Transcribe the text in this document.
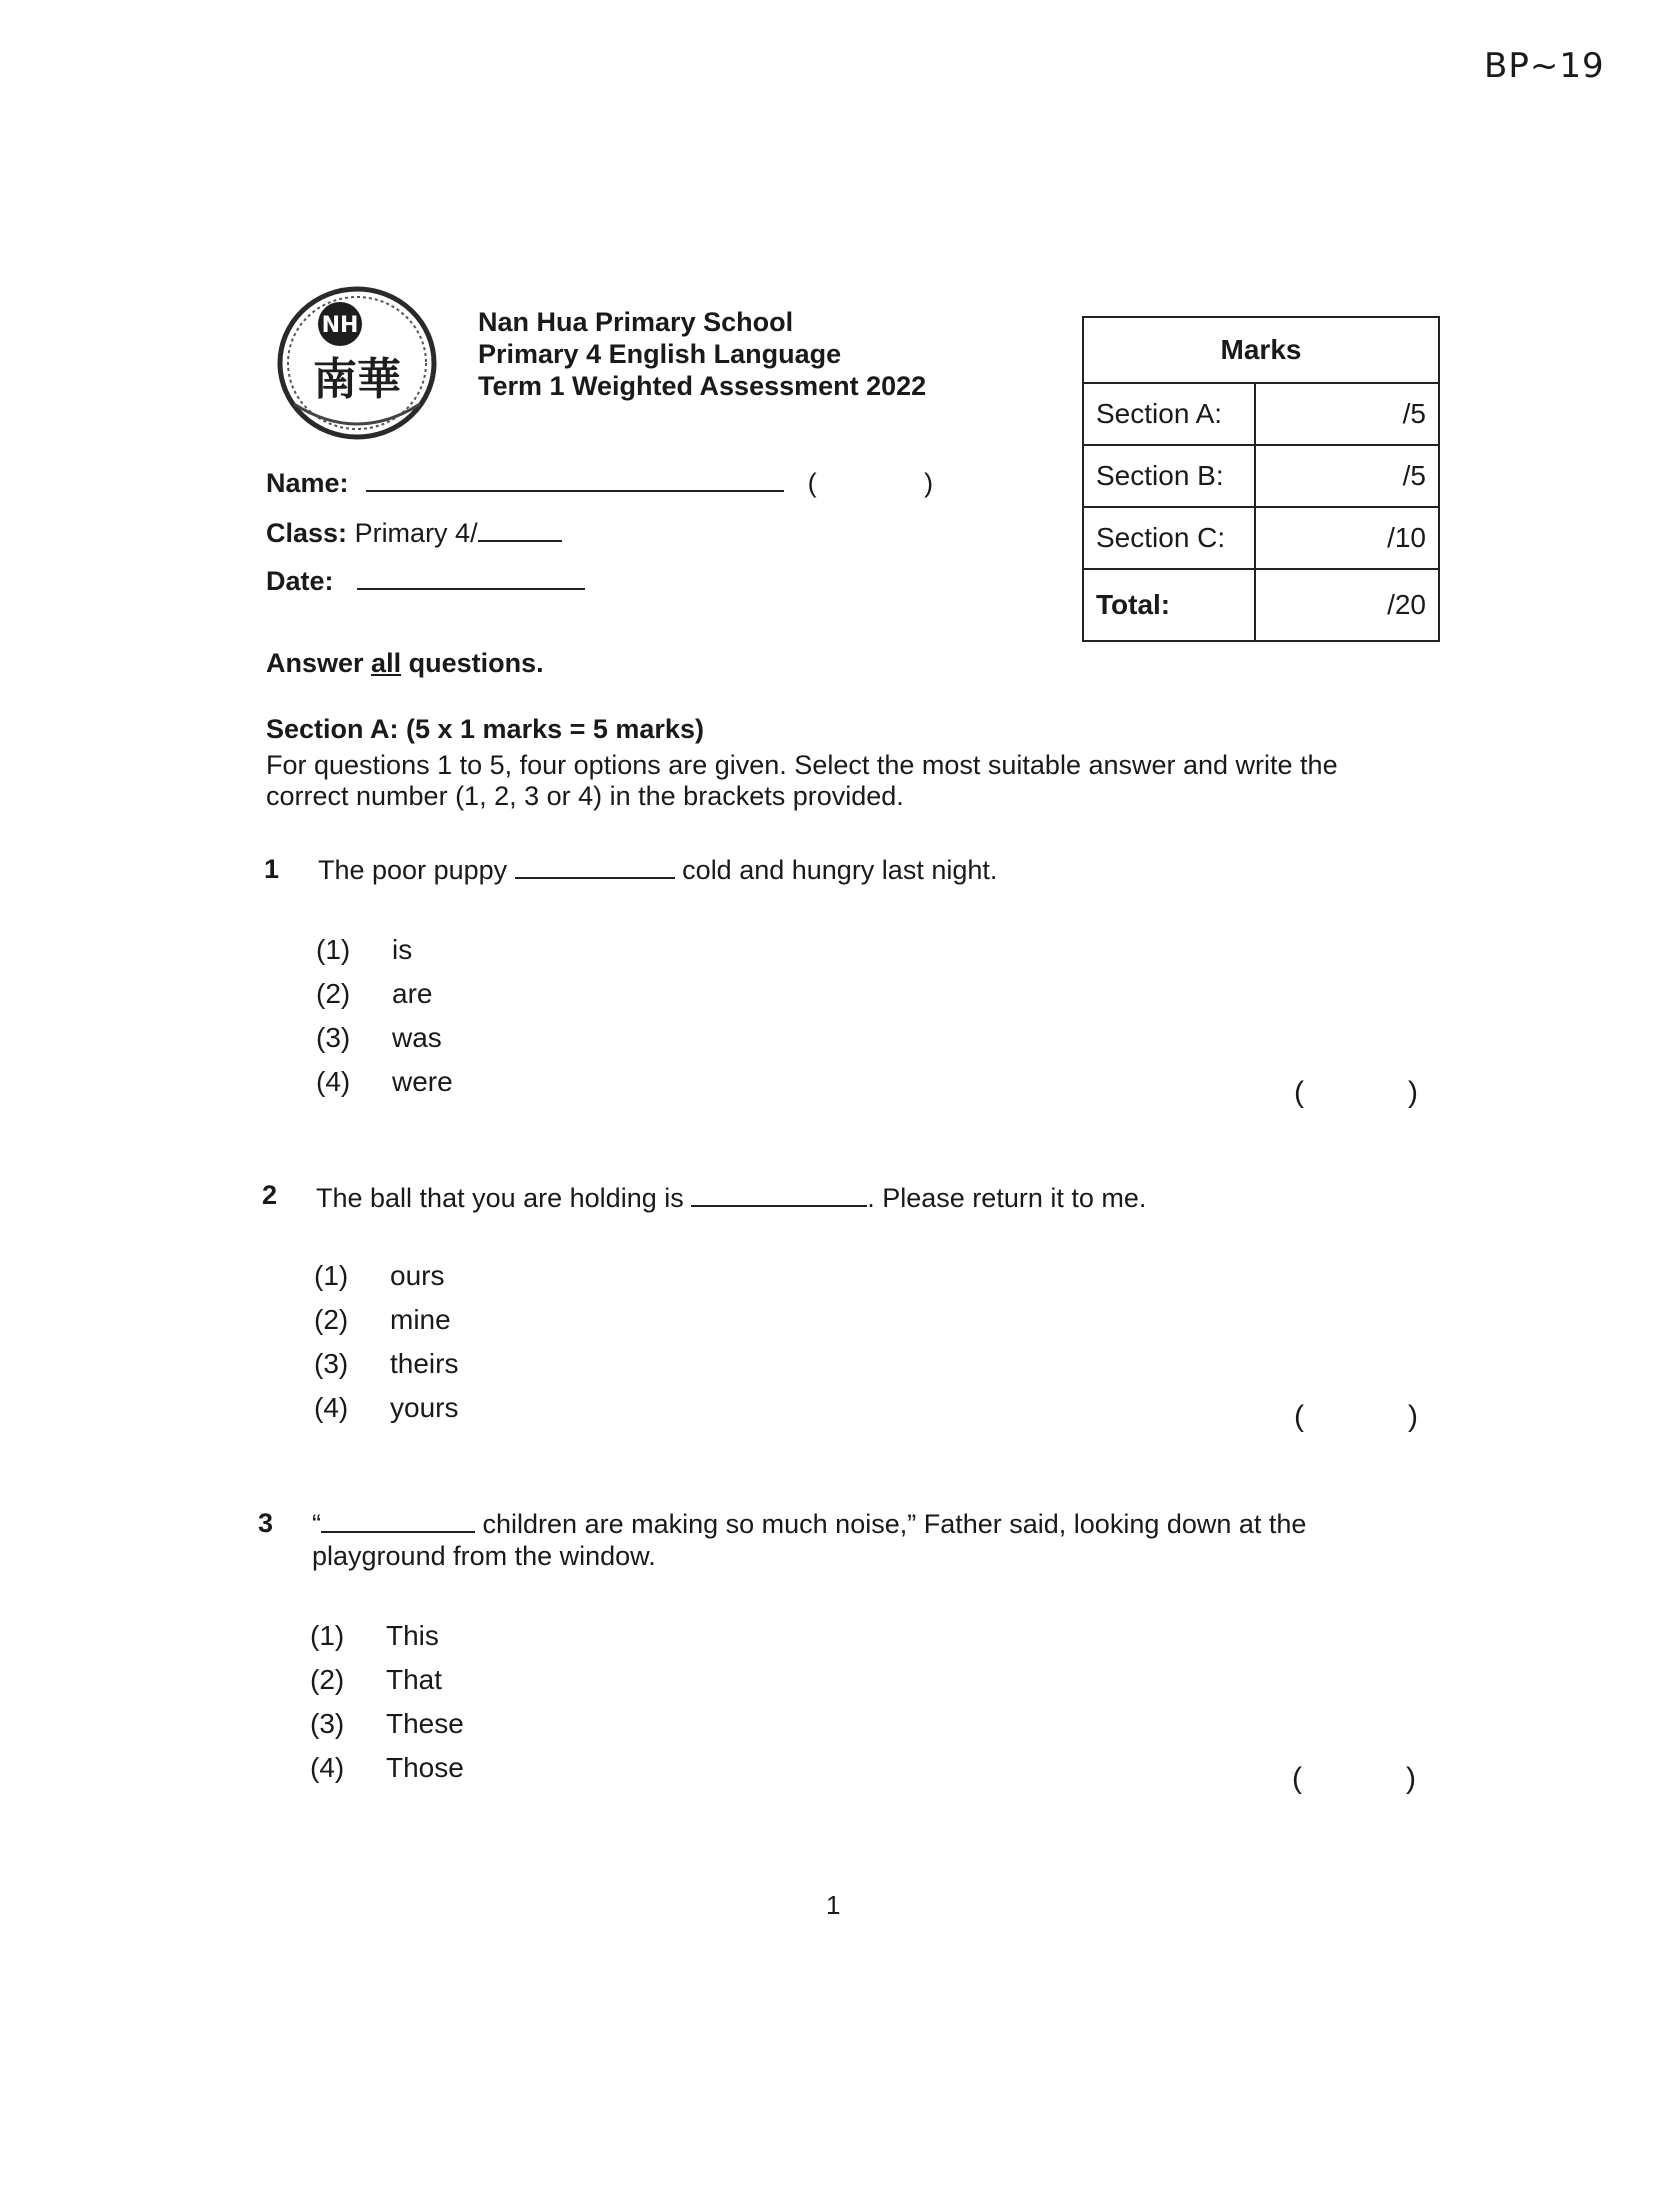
BP~19
NH
南華
Nan Hua Primary School
Primary 4 English Language
Term 1 Weighted Assessment 2022
Marks	
Section A:	/5
Section B:	/5
Section C:	/10
Total:	/20
Name:	(	)
Class: Primary 4/
Date:
Answer all questions.
Section A: (5 x 1 marks = 5 marks)
For questions 1 to 5, four options are given. Select the most suitable answer and write the correct number (1, 2, 3 or 4) in the brackets provided.
1 The poor puppy	cold and hungry last night.
(1) is
(2) are
(3) was
(4) were	(	)
2 The ball that you are holding is	. Please return it to me.
(1) ours
(2) mine
(3) theirs
(4) yours	(	)
3 “	children are making so much noise,” Father said, looking down at the
playground from the window.
(1) This
(2) That
(3) These
(4) Those	(	)
1
